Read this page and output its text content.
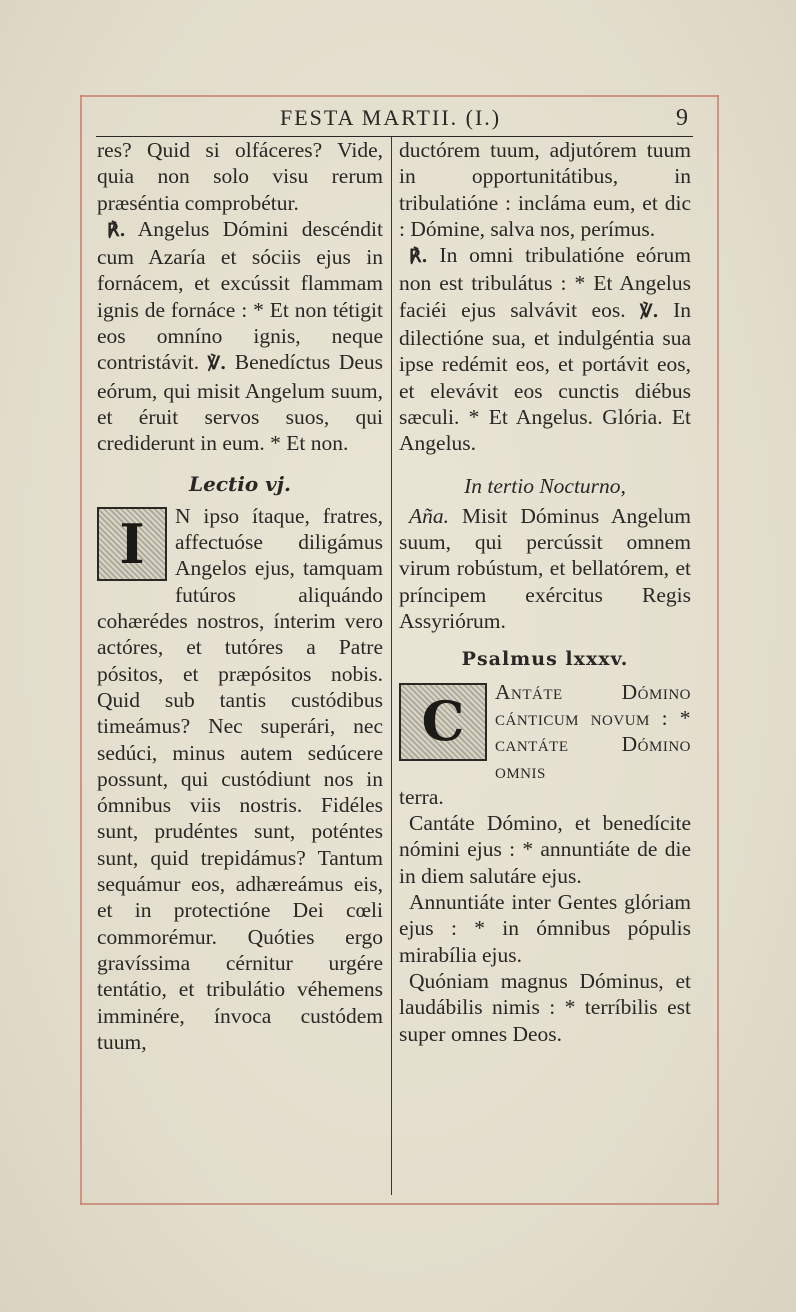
FESTA MARTII. (I.)	9

res? Quid si olfáceres? Vide, quia non solo visu rerum præséntia comprobétur.

℟. Angelus Dómini descéndit cum Azaría et sóciis ejus in fornácem, et excússit flammam ignis de fornáce : * Et non tétigit eos omníno ignis, neque contristávit. ℣. Benedíctus Deus eórum, qui misit Angelum suum, et éruit servos suos, qui crediderunt in eum. * Et non.

Lectio vj.

I	N ipso ítaque, fratres, affectuóse diligámus Angelos ejus, tamquam futúros aliquándo cohærédes nostros, ínterim vero actóres, et tutóres a Patre pósitos, et præpósitos nobis. Quid sub tantis custódibus timeámus? Nec superári, nec sedúci, minus autem sedúcere possunt, qui custódiunt nos in ómnibus viis nostris. Fidéles sunt, prudéntes sunt, poténtes sunt, quid trepidámus? Tantum sequámur eos, adhæreámus eis, et in protectióne Dei cœli commorémur. Quóties ergo gravíssima cérnitur urgére tentátio, et tribulátio véhemens imminére, ínvoca custódem tuum,

ductórem tuum, adjutórem tuum in opportunitátibus, in tribulatióne : incláma eum, et dic : Dómine, salva nos, perímus.

℟. In omni tribulatióne eórum non est tribulátus : * Et Angelus faciéi ejus salvávit eos. ℣. In dilectióne sua, et indulgéntia sua ipse redémit eos, et portávit eos, et elevávit eos cunctis diébus sæculi. * Et Angelus. Glória. Et Angelus.

In tertio Nocturno,

Aña. Misit Dóminus Angelum suum, qui percússit omnem virum robústum, et bellatórem, et príncipem exércitus Regis Assyriórum.

Psalmus lxxxv.

C	Antáte Dómino cánticum novum : * cantáte Dómino omnis

terra.

Cantáte Dómino, et benedícite nómini ejus : * annuntiáte de die in diem salutáre ejus.

Annuntiáte inter Gentes glóriam ejus : * in ómnibus pópulis mirabília ejus.

Quóniam magnus Dóminus, et laudábilis nimis : * terríbilis est super omnes Deos.
